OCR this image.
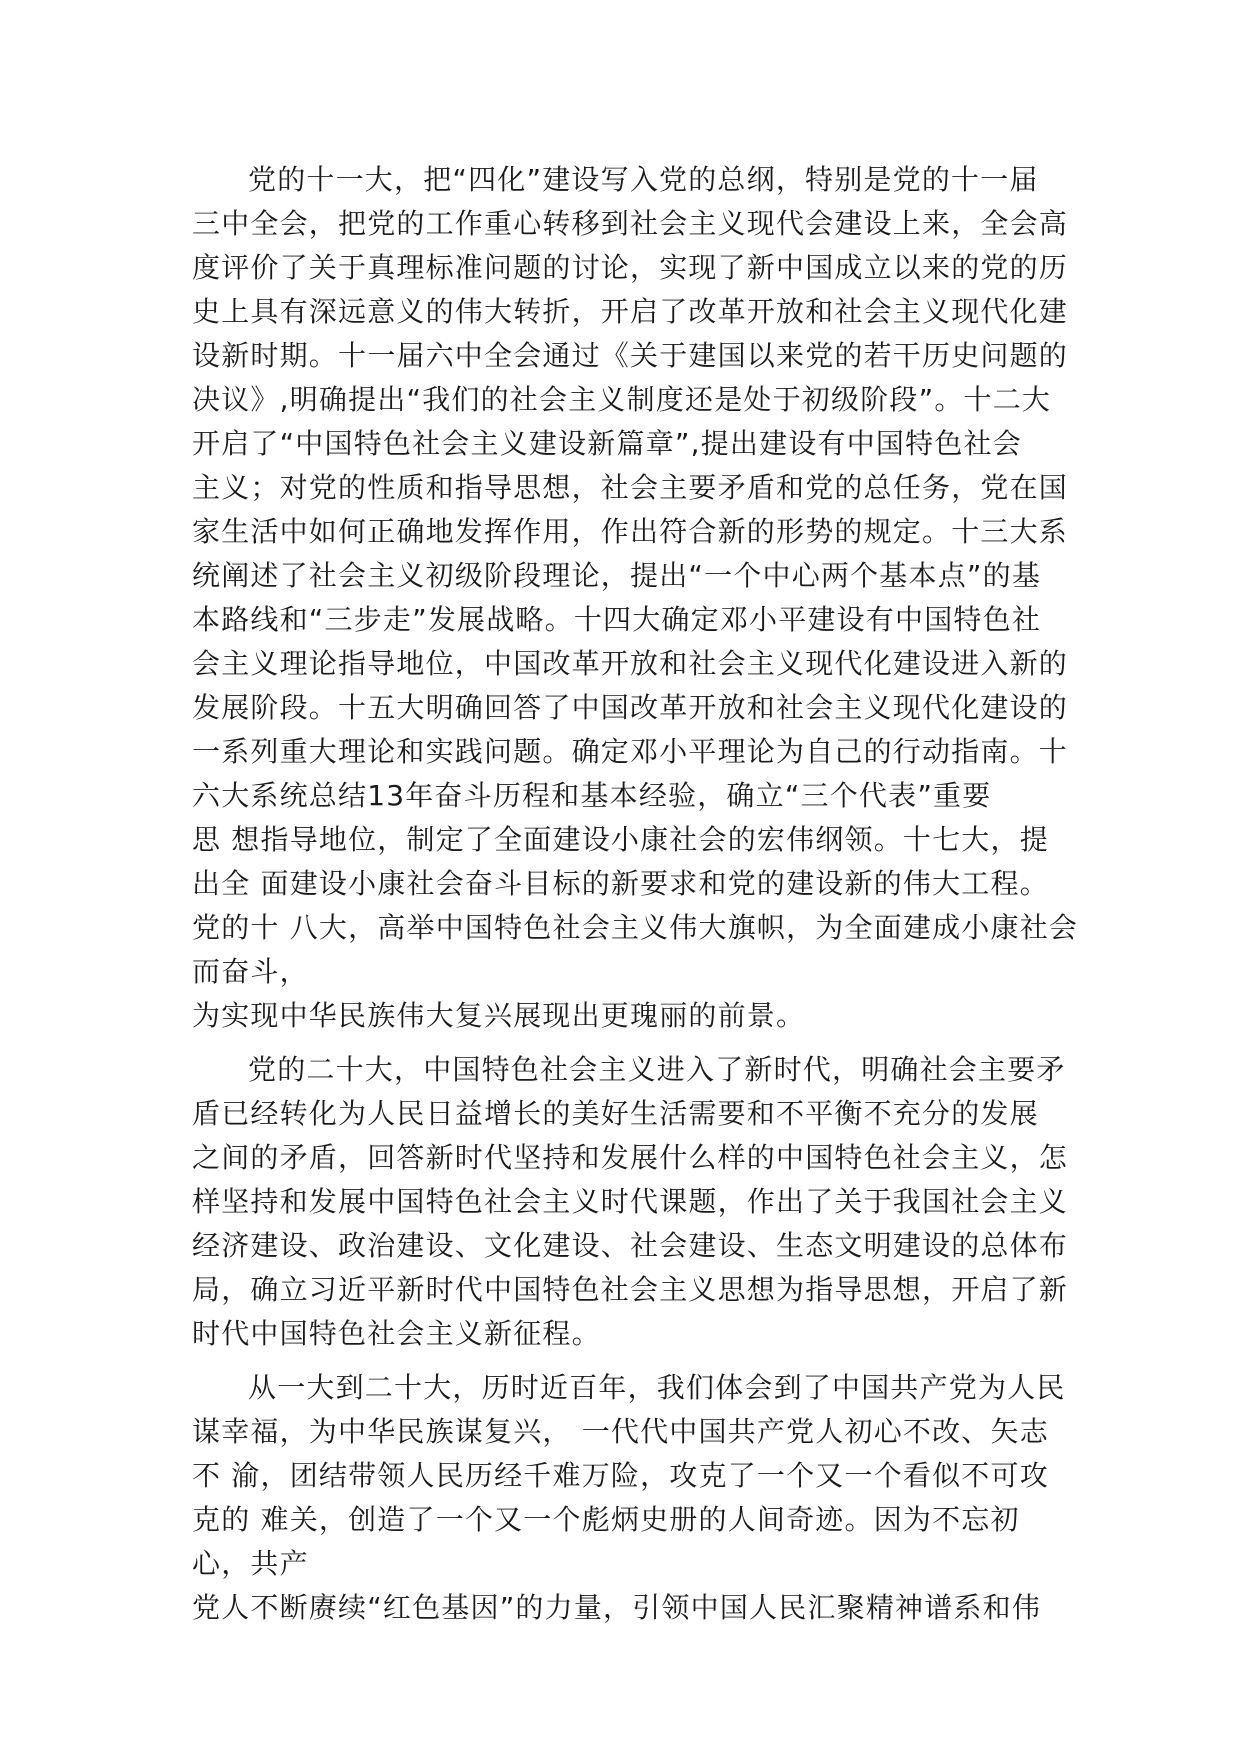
党的十一大，把“四化”建设写入党的总纲，特别是党的十一届
三中全会，把党的工作重心转移到社会主义现代会建设上来，全会高
度评价了关于真理标准问题的讨论，实现了新中国成立以来的党的历
史上具有深远意义的伟大转折，开启了改革开放和社会主义现代化建
设新时期。十一届六中全会通过《关于建国以来党的若干历史问题的
决议》,明确提出“我们的社会主义制度还是处于初级阶段”。十二大
开启了“中国特色社会主义建设新篇章”,提出建设有中国特色社会
主义；对党的性质和指导思想，社会主要矛盾和党的总任务，党在国
家生活中如何正确地发挥作用，作出符合新的形势的规定。十三大系
统阐述了社会主义初级阶段理论，提出“一个中心两个基本点”的基
本路线和“三步走”发展战略。十四大确定邓小平建设有中国特色社
会主义理论指导地位，中国改革开放和社会主义现代化建设进入新的
发展阶段。十五大明确回答了中国改革开放和社会主义现代化建设的
一系列重大理论和实践问题。确定邓小平理论为自己的行动指南。十
六大系统总结13年奋斗历程和基本经验，确立“三个代表”重要
思 想指导地位，制定了全面建设小康社会的宏伟纲领。十七大，提
出全 面建设小康社会奋斗目标的新要求和党的建设新的伟大工程。
党的十 八大，高举中国特色社会主义伟大旗帜，为全面建成小康社会
而奋斗，
为实现中华民族伟大复兴展现出更瑰丽的前景。
党的二十大，中国特色社会主义进入了新时代，明确社会主要矛
盾已经转化为人民日益增长的美好生活需要和不平衡不充分的发展
之间的矛盾，回答新时代坚持和发展什么样的中国特色社会主义，怎
样坚持和发展中国特色社会主义时代课题，作出了关于我国社会主义
经济建设、政治建设、文化建设、社会建设、生态文明建设的总体布
局，确立习近平新时代中国特色社会主义思想为指导思想，开启了新
时代中国特色社会主义新征程。
从一大到二十大，历时近百年，我们体会到了中国共产党为人民
谋幸福，为中华民族谋复兴， 一代代中国共产党人初心不改、矢志
不 渝，团结带领人民历经千难万险，攻克了一个又一个看似不可攻
克的 难关，创造了一个又一个彪炳史册的人间奇迹。因为不忘初
心，共产
党人不断赓续“红色基因”的力量，引领中国人民汇聚精神谱系和伟
